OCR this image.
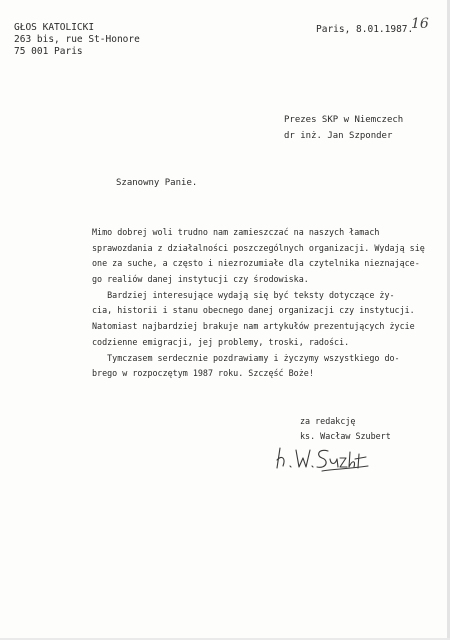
GŁOS KATOLICKI
263 bis, rue St-Honore
75 001 Paris
Paris, 8.01.1987.
16
Prezes SKP w Niemczech
dr inż. Jan Szponder
Szanowny Panie.
Mimo dobrej woli trudno nam zamieszczać na naszych łamach
sprawozdania z działalności poszczególnych organizacji. Wydają się
one za suche, a często i niezrozumiałe dla czytelnika nieznające-
go realiów danej instytucji czy środowiska.
Bardziej interesujące wydają się być teksty dotyczące ży-
cia, historii i stanu obecnego danej organizacji czy instytucji.
Natomiast najbardziej brakuje nam artykułów prezentujących życie
codzienne emigracji, jej problemy, troski, radości.
Tymczasem serdecznie pozdrawiamy i życzymy wszystkiego do-
brego w rozpoczętym 1987 roku. Szczęść Boże!
za redakcję
ks. Wacław Szubert
